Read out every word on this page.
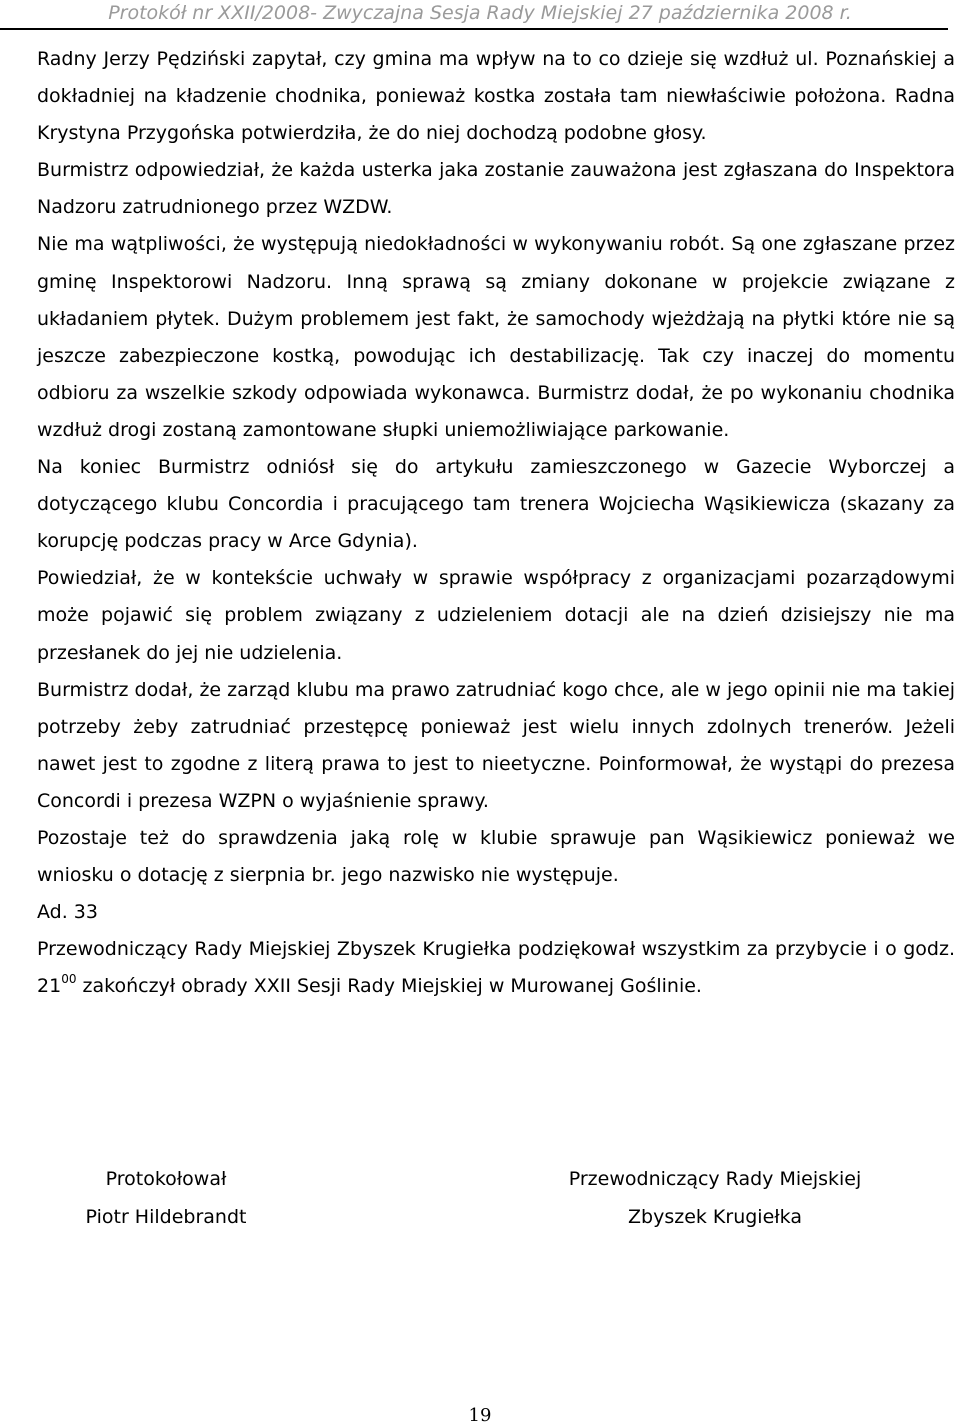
Protokół nr XXII/2008- Zwyczajna Sesja Rady Miejskiej 27 października 2008 r.

Radny Jerzy Pędziński zapytał, czy gmina ma wpływ na to co dzieje się wzdłuż ul. Poznańskiej a dokładniej na kładzenie chodnika, ponieważ kostka została tam niewłaściwie położona. Radna Krystyna Przygońska potwierdziła, że do niej dochodzą podobne głosy.

Burmistrz odpowiedział, że każda usterka jaka zostanie zauważona jest zgłaszana do Inspektora Nadzoru zatrudnionego przez WZDW.

Nie ma wątpliwości, że występują niedokładności w wykonywaniu robót. Są one zgłaszane przez gminę Inspektorowi Nadzoru. Inną sprawą są zmiany dokonane w projekcie związane z układaniem płytek. Dużym problemem jest fakt, że samochody wjeżdżają na płytki które nie są jeszcze zabezpieczone kostką, powodując ich destabilizację. Tak czy inaczej do momentu odbioru za wszelkie szkody odpowiada wykonawca. Burmistrz dodał, że po wykonaniu chodnika wzdłuż drogi zostaną zamontowane słupki uniemożliwiające parkowanie.

Na koniec Burmistrz odniósł się do artykułu zamieszczonego w Gazecie Wyborczej a dotyczącego klubu Concordia i pracującego tam trenera Wojciecha Wąsikiewicza (skazany za korupcję podczas pracy w Arce Gdynia).

Powiedział, że w kontekście uchwały w sprawie współpracy z organizacjami pozarządowymi może pojawić się problem związany z udzieleniem dotacji ale na dzień dzisiejszy nie ma przesłanek do jej nie udzielenia.

Burmistrz dodał, że zarząd klubu ma prawo zatrudniać kogo chce, ale w jego opinii nie ma takiej potrzeby żeby zatrudniać przestępcę ponieważ jest wielu innych zdolnych trenerów. Jeżeli nawet jest to zgodne z literą prawa to jest to nieetyczne. Poinformował, że wystąpi do prezesa Concordi i prezesa WZPN o wyjaśnienie sprawy.

Pozostaje też do sprawdzenia jaką rolę w klubie sprawuje pan Wąsikiewicz ponieważ we wniosku o dotację z sierpnia br. jego nazwisko nie występuje.

Ad. 33

Przewodniczący Rady Miejskiej Zbyszek Krugiełka podziękował wszystkim za przybycie i o godz. $21^{00}$ zakończył obrady XXII Sesji Rady Miejskiej w Murowanej Goślinie.

Protokołował
Piotr Hildebrandt
Przewodniczący Rady Miejskiej
Zbyszek Krugiełka
19
